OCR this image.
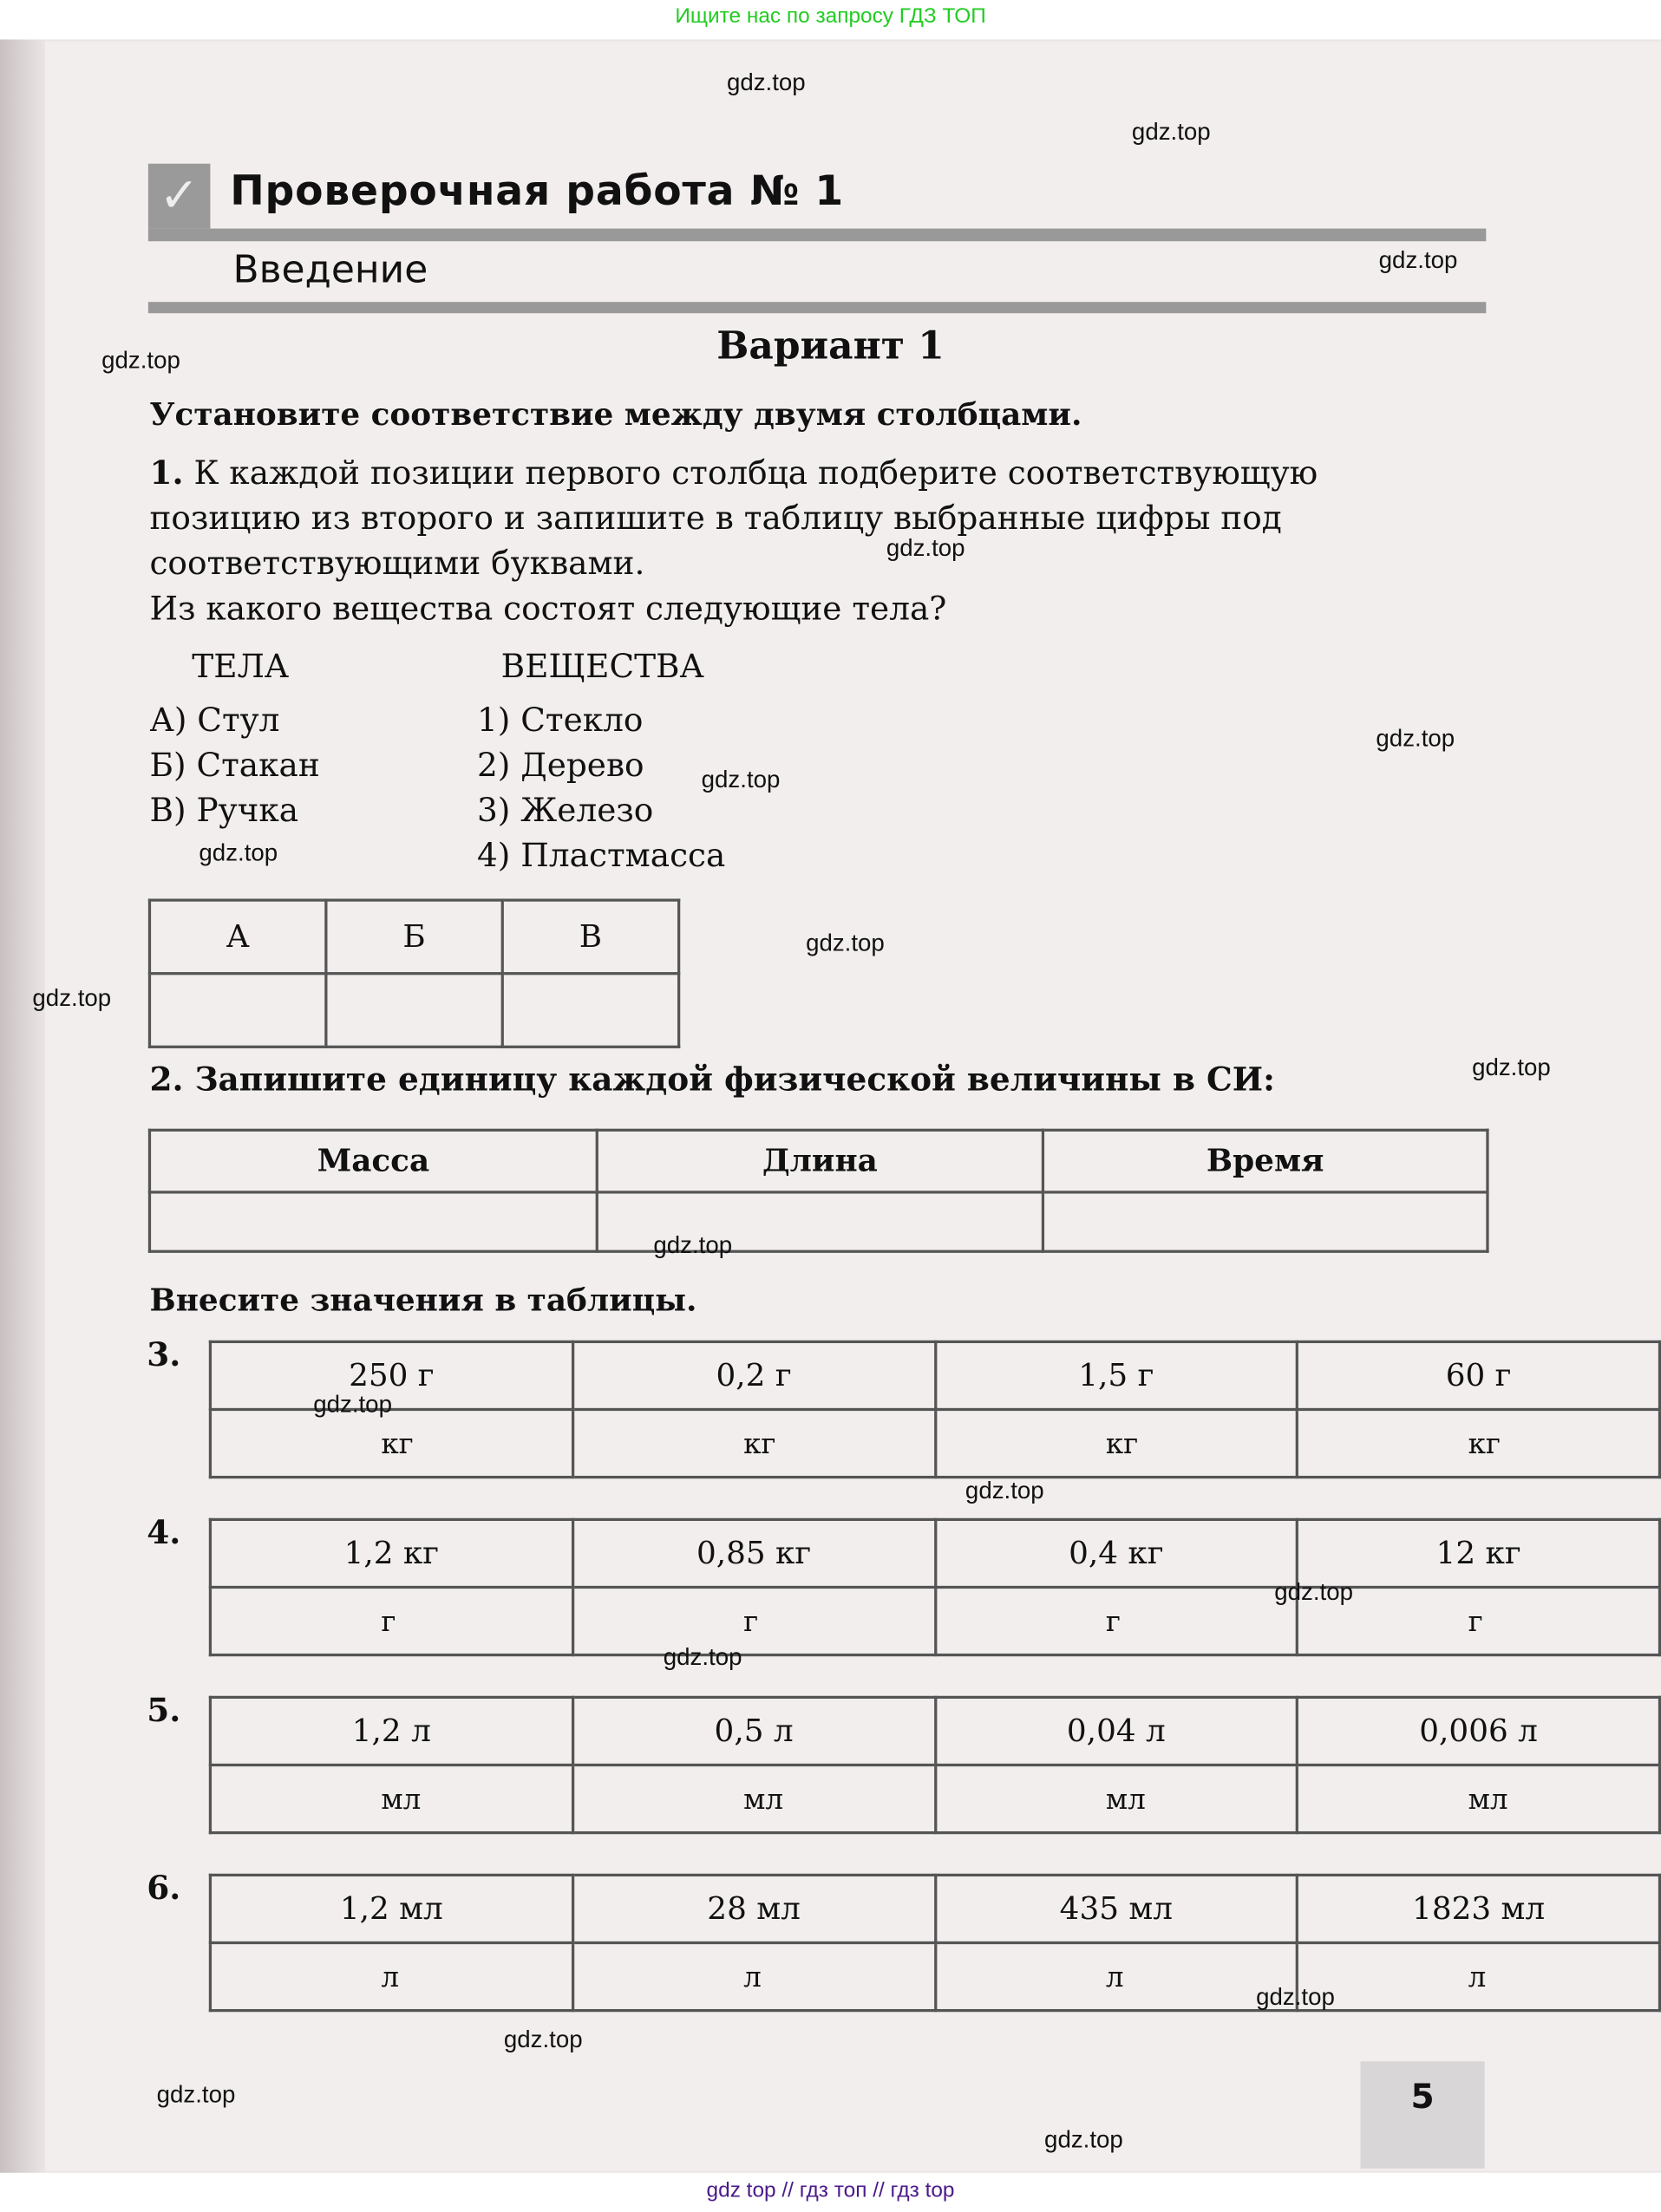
Ищите нас по запросу ГДЗ ТОП
✓	Проверочная работа № 1
Введение
Вариант 1
Установите соответствие между двумя столбцами.
1. К каждой позиции первого столбца подберите соответствующую
позицию из второго и запишите в таблицу выбранные цифры под
соответствующими буквами.
Из какого вещества состоят следующие тела?
ТЕЛА
А) Стул
Б) Стакан
В) Ручка
ВЕЩЕСТВА
1) Стекло
2) Дерево
3) Железо
4) Пластмасса
А	Б	В

2. Запишите единицу каждой физической величины в СИ:
Масса	Длина	Время

Внесите значения в таблицы.
3.
250 г	0,2 г	1,5 г	60 г
кг	кг	кг	кг
4.
1,2 кг	0,85 кг	0,4 кг	12 кг
г	г	г	г
5.
1,2 л	0,5 л	0,04 л	0,006 л
мл	мл	мл	мл
6.
1,2 мл	28 мл	435 мл	1823 мл
л	л	л	л
5
gdz.top
gdz.top
gdz.top
gdz.top
gdz.top
gdz.top
gdz.top
gdz.top
gdz.top
gdz.top
gdz.top
gdz.top
gdz.top
gdz.top
gdz.top
gdz.top
gdz.top
gdz.top
gdz.top
gdz.top
gdz top // гдз топ // гдз top
